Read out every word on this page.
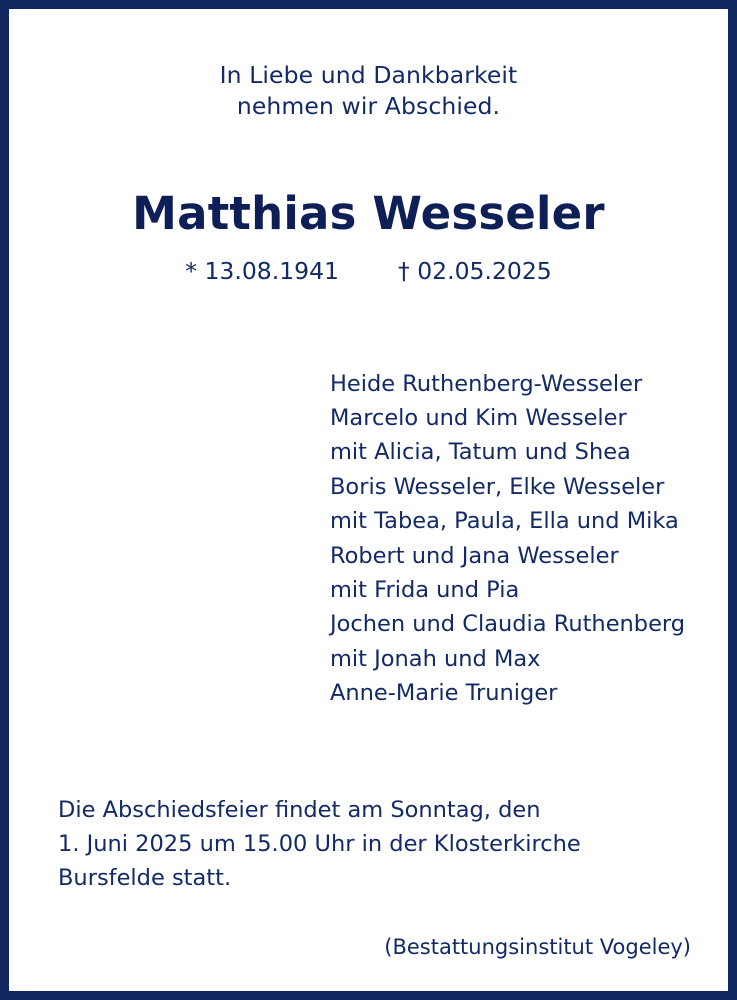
In Liebe und Dankbarkeit
nehmen wir Abschied.
Matthias Wesseler
* 13.08.1941	† 02.05.2025
Heide Ruthenberg-Wesseler
Marcelo und Kim Wesseler
mit Alicia, Tatum und Shea
Boris Wesseler, Elke Wesseler
mit Tabea, Paula, Ella und Mika
Robert und Jana Wesseler
mit Frida und Pia
Jochen und Claudia Ruthenberg
mit Jonah und Max
Anne-Marie Truniger
Die Abschiedsfeier findet am Sonntag, den
1. Juni 2025 um 15.00 Uhr in der Klosterkirche
Bursfelde statt.
(Bestattungsinstitut Vogeley)
